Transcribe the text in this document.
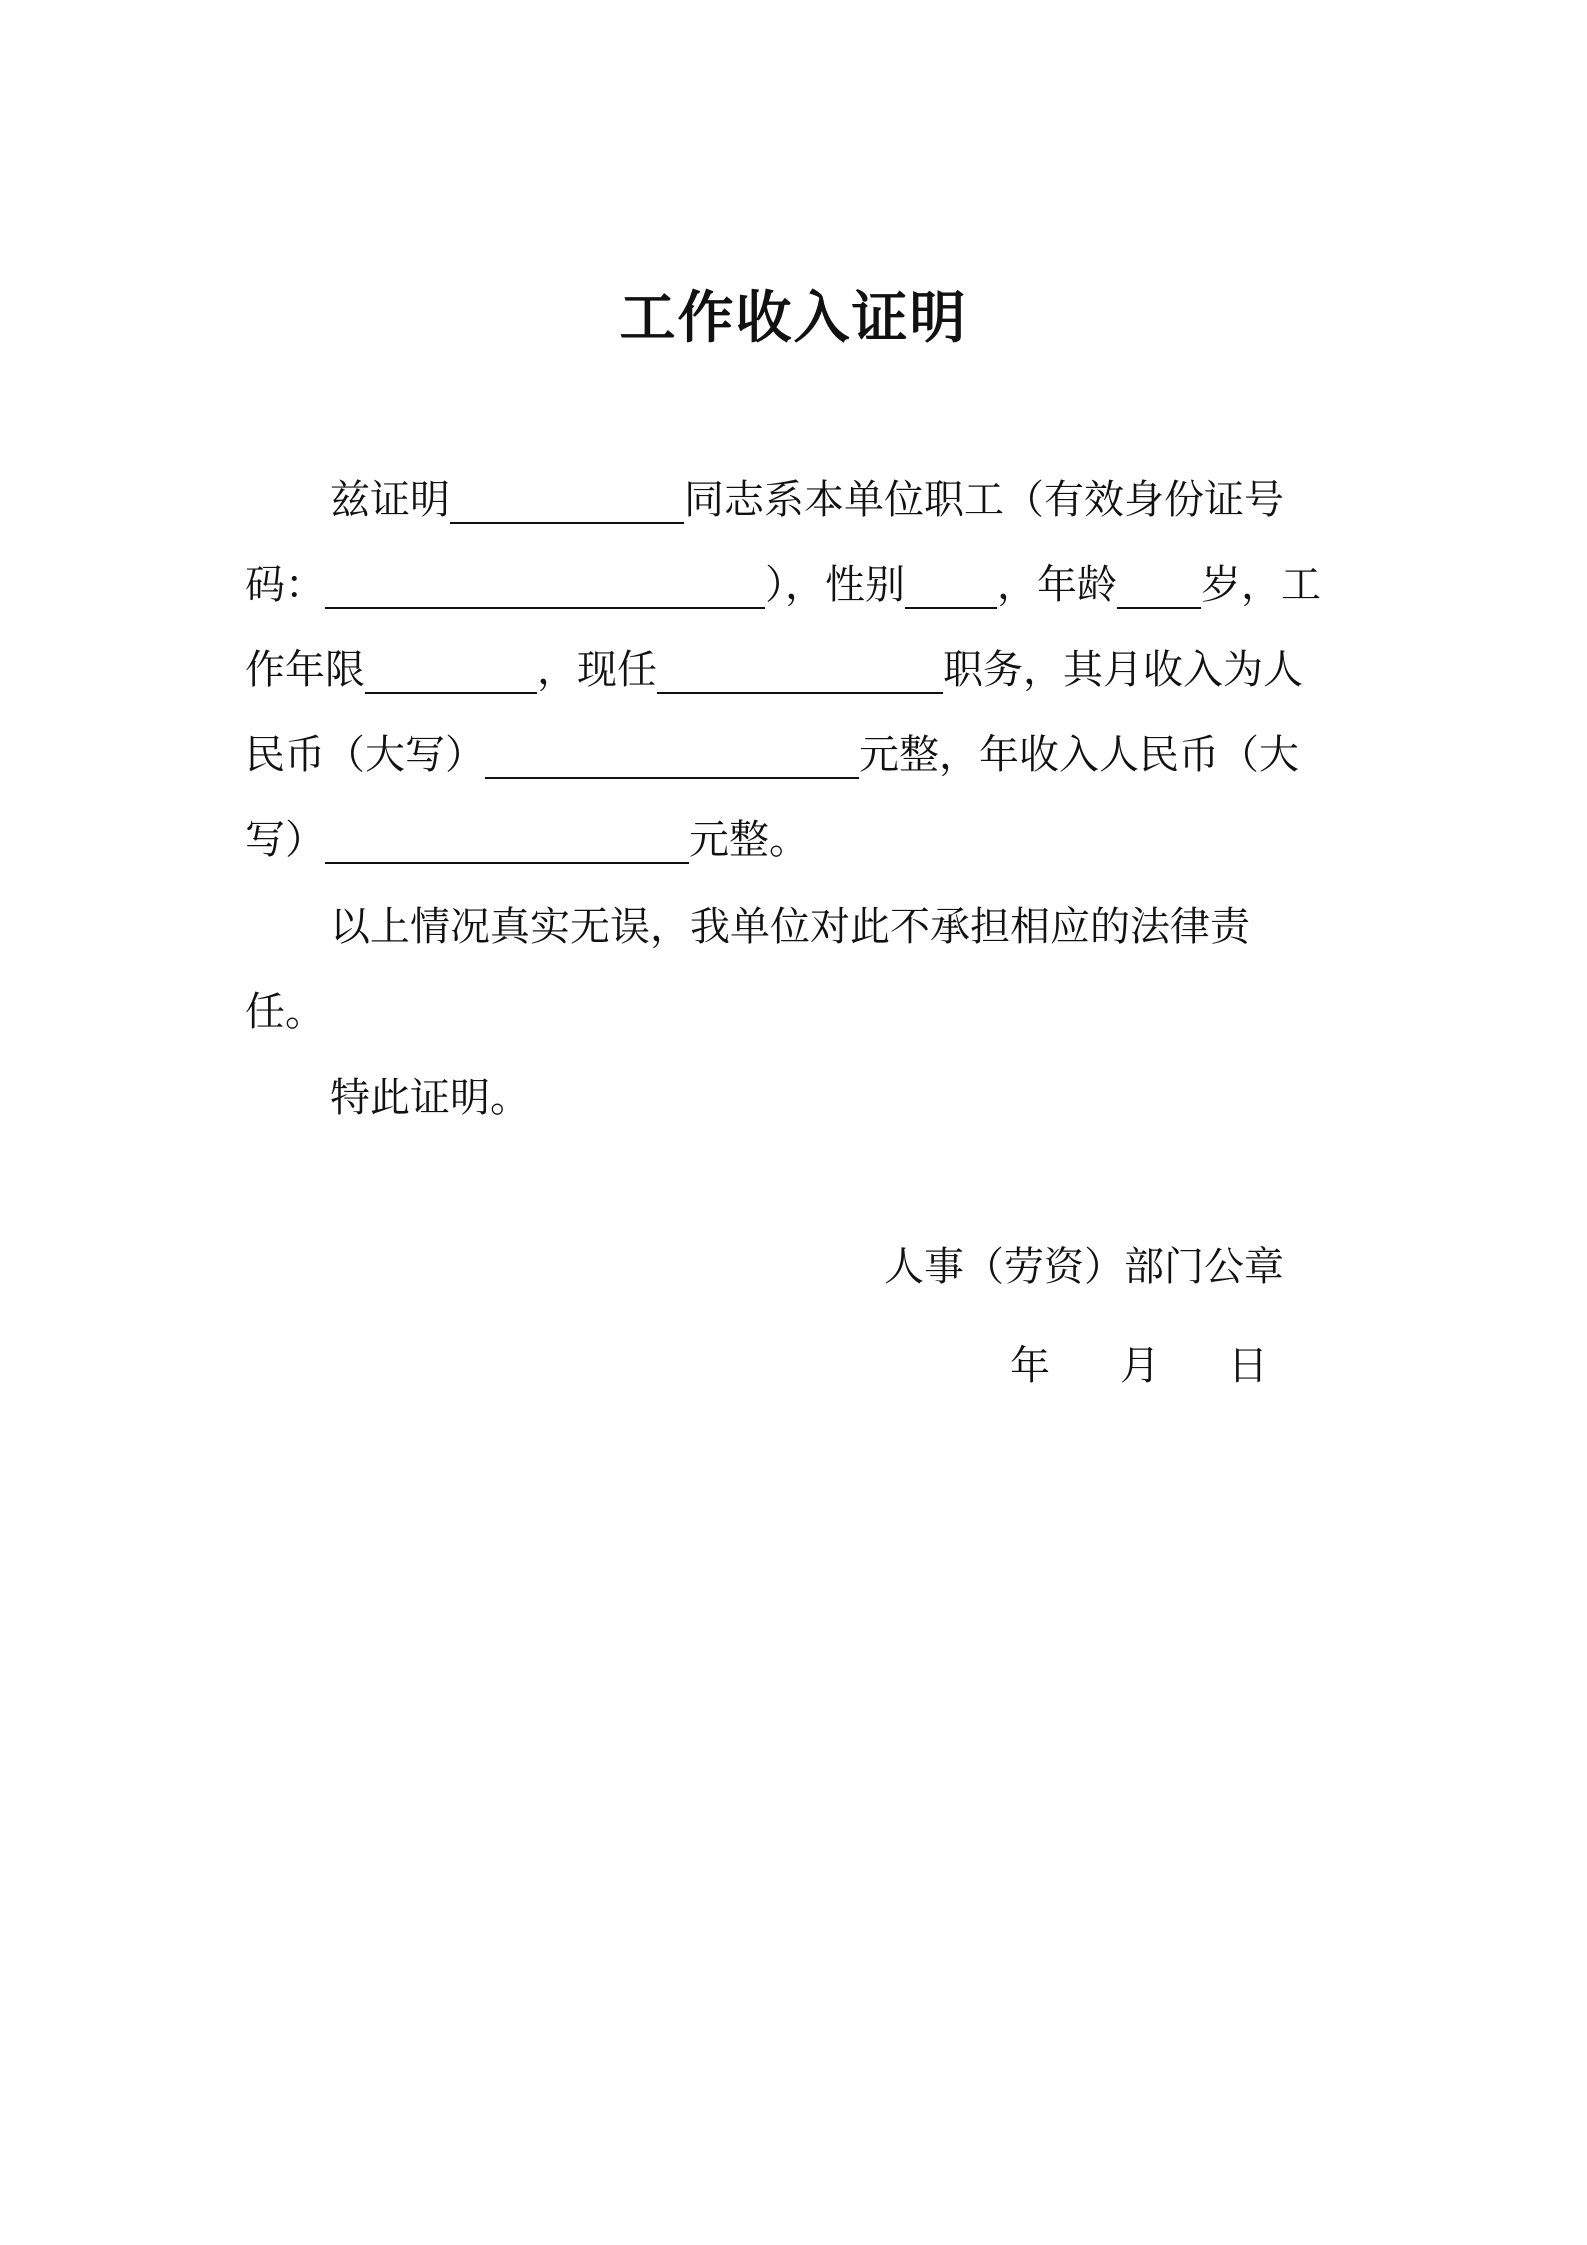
工作收入证明
兹证明	同志系本单位职工（有效身份证号
码：	），性别 ，年龄 岁，工
作年限	，现任	职务，其月收入为人
民币（大写）	元整，年收入人民币（大
写）	元整。
以上情况真实无误，我单位对此不承担相应的法律责
任。
特此证明。
人事（劳资）部门公章
年 月 日
